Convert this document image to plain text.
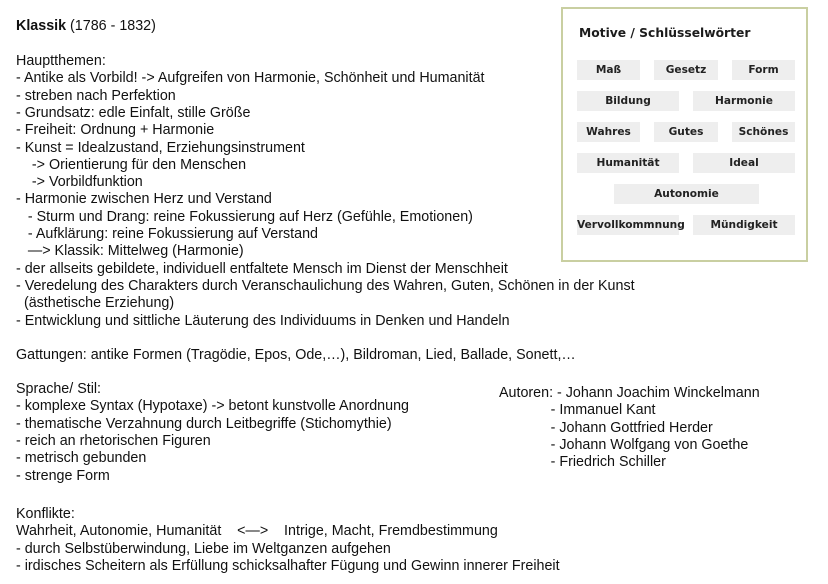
Klassik (1786 - 1832)
Hauptthemen:
- Antike als Vorbild! -> Aufgreifen von Harmonie, Schönheit und Humanität
- streben nach Perfektion
- Grundsatz: edle Einfalt, stille Größe
- Freiheit: Ordnung + Harmonie
- Kunst = Idealzustand, Erziehungsinstrument
-> Orientierung für den Menschen
-> Vorbildfunktion
- Harmonie zwischen Herz und Verstand
- Sturm und Drang: reine Fokussierung auf Herz (Gefühle, Emotionen)
- Aufklärung: reine Fokussierung auf Verstand
—> Klassik: Mittelweg (Harmonie)
- der allseits gebildete, individuell entfaltete Mensch im Dienst der Menschheit
- Veredelung des Charakters durch Veranschaulichung des Wahren, Guten, Schönen in der Kunst
(ästhetische Erziehung)
- Entwicklung und sittliche Läuterung des Individuums in Denken und Handeln
Gattungen: antike Formen (Tragödie, Epos, Ode,…), Bildroman, Lied, Ballade, Sonett,…
Sprache/ Stil:
- komplexe Syntax (Hypotaxe) -> betont kunstvolle Anordnung
- thematische Verzahnung durch Leitbegriffe (Stichomythie)
- reich an rhetorischen Figuren
- metrisch gebunden
- strenge Form
Autoren: - Johann Joachim Winckelmann
- Immanuel Kant
- Johann Gottfried Herder
- Johann Wolfgang von Goethe
- Friedrich Schiller
Konflikte:
Wahrheit, Autonomie, Humanität    <—>    Intrige, Macht, Fremdbestimmung
- durch Selbstüberwindung, Liebe im Weltganzen aufgehen
- irdisches Scheitern als Erfüllung schicksalhafter Fügung und Gewinn innerer Freiheit
Motive / Schlüsselwörter
Maß	Gesetz	Form
Bildung	Harmonie
Wahres	Gutes	Schönes
Humanität	Ideal
Autonomie
Vervollkommnung	Mündigkeit
